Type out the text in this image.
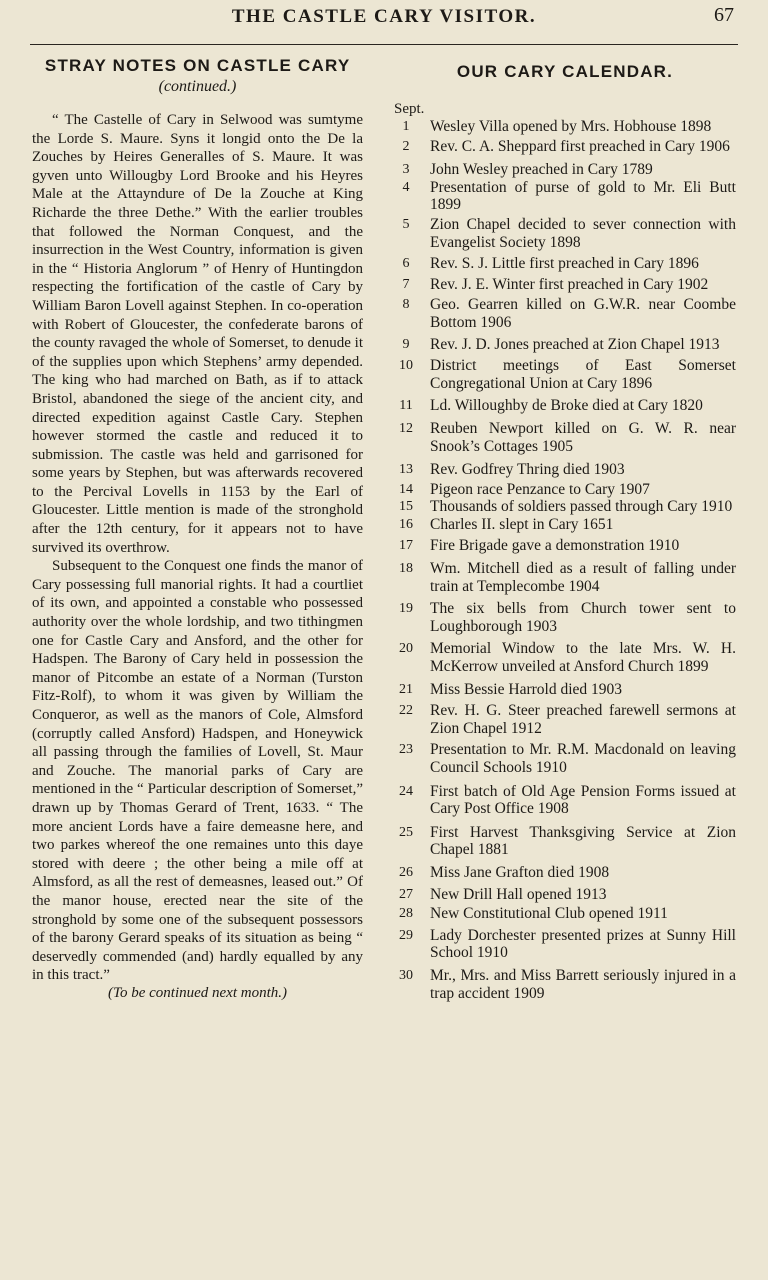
THE CASTLE CARY VISITOR.	67
STRAY NOTES ON CASTLE CARY (continued.)

“ The Castelle of Cary in Selwood was sumtyme the Lorde S. Maure. Syns it longid onto the De la Zouches by Heires Generalles of S. Maure. It was gyven unto Willougby Lord Brooke and his Heyres Male at the Attayndure of De la Zouche at King Richarde the three Dethe.” With the earlier troubles that followed the Norman Conquest, and the insurrection in the West Country, information is given in the “ Historia Anglorum ” of Henry of Huntingdon respecting the fortification of the castle of Cary by William Baron Lovell against Stephen. In co-operation with Robert of Gloucester, the confederate barons of the county ravaged the whole of Somerset, to denude it of the supplies upon which Stephens’ army depended. The king who had marched on Bath, as if to attack Bristol, abandoned the siege of the ancient city, and directed expedition against Castle Cary. Stephen however stormed the castle and reduced it to submission. The castle was held and garrisoned for some years by Stephen, but was afterwards recovered to the Percival Lovells in 1153 by the Earl of Gloucester. Little mention is made of the stronghold after the 12th century, for it appears not to have survived its overthrow.

Subsequent to the Conquest one finds the manor of Cary possessing full manorial rights. It had a courtliet of its own, and appointed a constable who possessed authority over the whole lordship, and two tithingmen one for Castle Cary and Ansford, and the other for Hadspen. The Barony of Cary held in possession the manor of Pitcombe an estate of a Norman (Turston Fitz-Rolf), to whom it was given by William the Conqueror, as well as the manors of Cole, Almsford (corruptly called Ansford) Hadspen, and Honeywick all passing through the families of Lovell, St. Maur and Zouche. The manorial parks of Cary are mentioned in the “ Particular description of Somerset,” drawn up by Thomas Gerard of Trent, 1633. “ The more ancient Lords have a faire demeasne here, and two parkes whereof the one remaines unto this daye stored with deere ; the other being a mile off at Almsford, as all the rest of demeasnes, leased out.” Of the manor house, erected near the site of the stronghold by some one of the subsequent possessors of the barony Gerard speaks of its situation as being “ deservedly commended (and) hardly equalled by any in this tract.”

(To be continued next month.)
OUR CARY CALENDAR.
Sept.
1	Wesley Villa opened by Mrs. Hobhouse 1898
2	Rev. C. A. Sheppard first preached in Cary 1906
3	John Wesley preached in Cary 1789
4	Presentation of purse of gold to Mr. Eli Butt 1899
5	Zion Chapel decided to sever connection with Evangelist Society 1898
6	Rev. S. J. Little first preached in Cary 1896
7	Rev. J. E. Winter first preached in Cary 1902
8	Geo. Gearren killed on G.W.R. near Coombe Bottom 1906
9	Rev. J. D. Jones preached at Zion Chapel 1913
10	District meetings of East Somerset Congregational Union at Cary 1896
11	Ld. Willoughby de Broke died at Cary 1820
12	Reuben Newport killed on G. W. R. near Snook’s Cottages 1905
13	Rev. Godfrey Thring died 1903
14	Pigeon race Penzance to Cary 1907
15	Thousands of soldiers passed through Cary 1910
16	Charles II. slept in Cary 1651
17	Fire Brigade gave a demonstration 1910
18	Wm. Mitchell died as a result of falling under train at Templecombe 1904
19	The six bells from Church tower sent to Loughborough 1903
20	Memorial Window to the late Mrs. W. H. McKerrow unveiled at Ansford Church 1899
21	Miss Bessie Harrold died 1903
22	Rev. H. G. Steer preached farewell sermons at Zion Chapel 1912
23	Presentation to Mr. R.M. Macdonald on leaving Council Schools 1910
24	First batch of Old Age Pension Forms issued at Cary Post Office 1908
25	First Harvest Thanksgiving Service at Zion Chapel 1881
26	Miss Jane Grafton died 1908
27	New Drill Hall opened 1913
28	New Constitutional Club opened 1911
29	Lady Dorchester presented prizes at Sunny Hill School 1910
30	Mr., Mrs. and Miss Barrett seriously injured in a trap accident 1909
